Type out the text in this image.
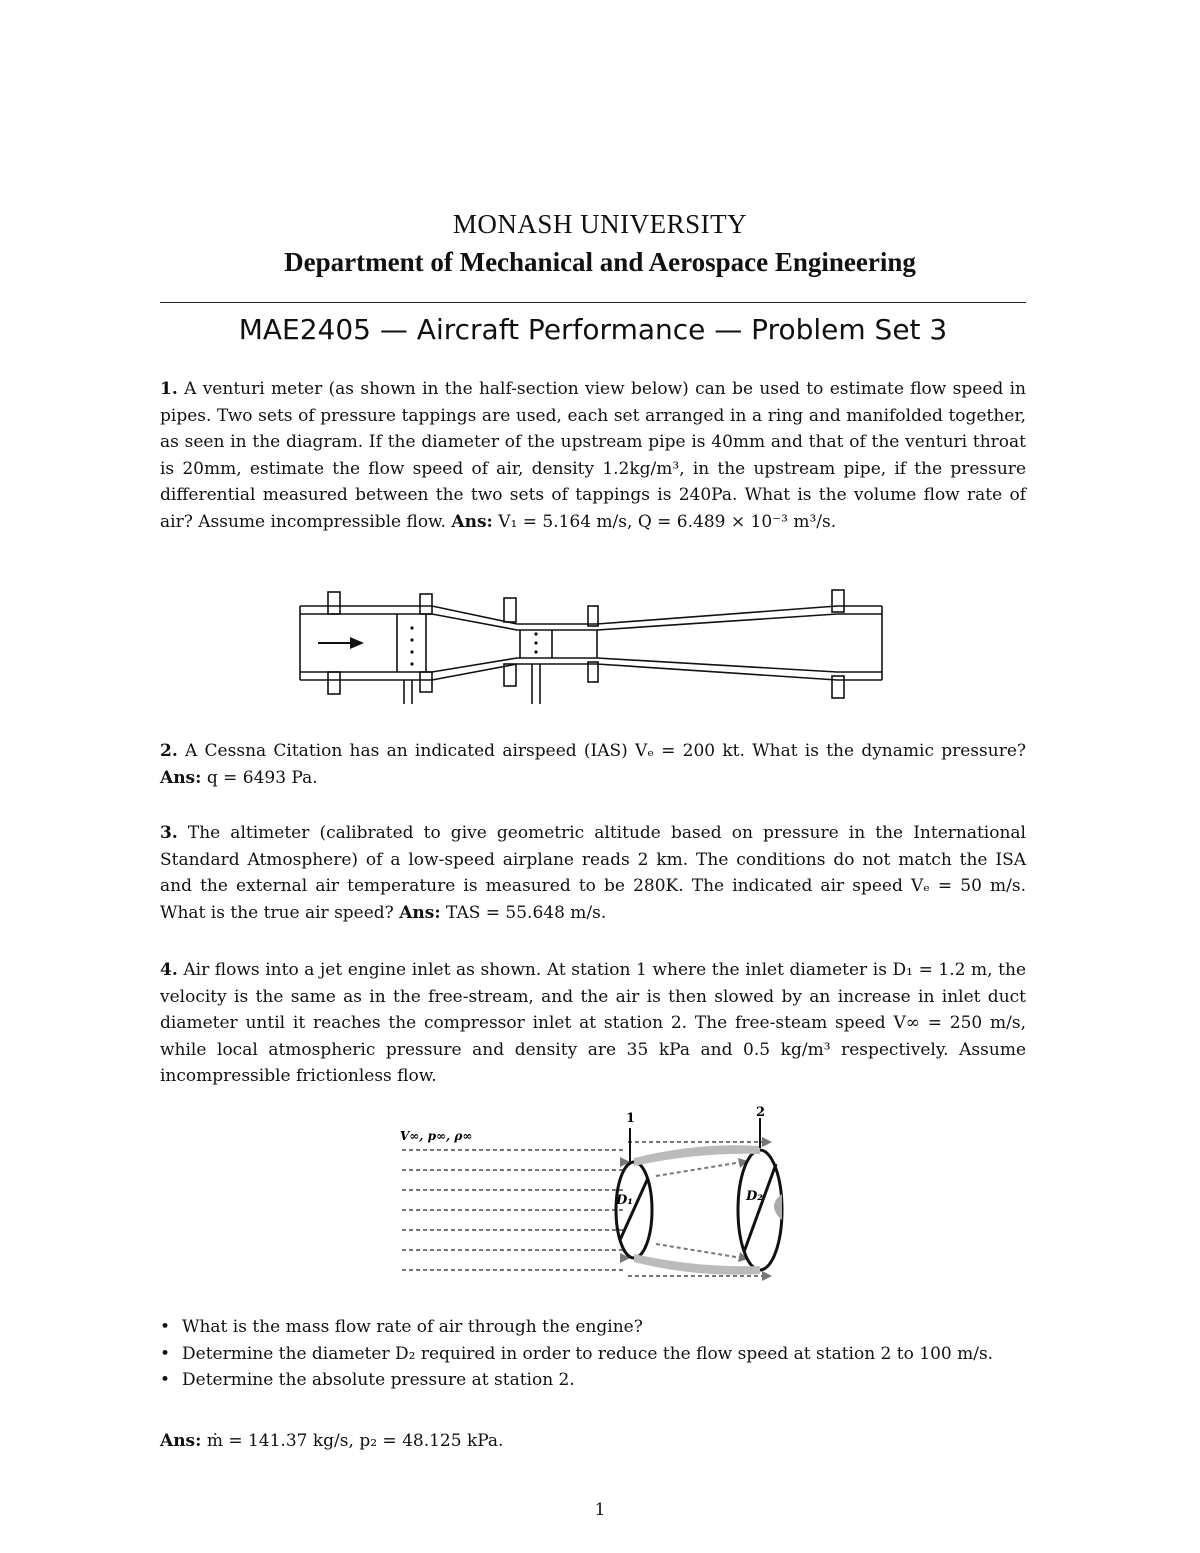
MONASH UNIVERSITY
Department of Mechanical and Aerospace Engineering
MAE2405 — Aircraft Performance — Problem Set 3
1. A venturi meter (as shown in the half-section view below) can be used to estimate flow speed in pipes. Two sets of pressure tappings are used, each set arranged in a ring and manifolded together, as seen in the diagram. If the diameter of the upstream pipe is 40mm and that of the venturi throat is 20mm, estimate the flow speed of air, density 1.2kg/m³, in the upstream pipe, if the pressure differential measured between the two sets of tappings is 240Pa. What is the volume flow rate of air? Assume incompressible flow. Ans: V₁ = 5.164 m/s, Q = 6.489 × 10⁻³ m³/s.
2. A Cessna Citation has an indicated airspeed (IAS) Vₑ = 200 kt. What is the dynamic pressure? Ans: q = 6493 Pa.
3. The altimeter (calibrated to give geometric altitude based on pressure in the International Standard Atmosphere) of a low-speed airplane reads 2 km. The conditions do not match the ISA and the external air temperature is measured to be 280K. The indicated air speed Vₑ = 50 m/s. What is the true air speed? Ans: TAS = 55.648 m/s.
4. Air flows into a jet engine inlet as shown. At station 1 where the inlet diameter is D₁ = 1.2 m, the velocity is the same as in the free-stream, and the air is then slowed by an increase in inlet duct diameter until it reaches the compressor inlet at station 2. The free-steam speed V∞ = 250 m/s, while local atmospheric pressure and density are 35 kPa and 0.5 kg/m³ respectively. Assume incompressible frictionless flow.
1	2
V∞, p∞, ρ∞
D₁	D₂
• What is the mass flow rate of air through the engine?
• Determine the diameter D₂ required in order to reduce the flow speed at station 2 to 100 m/s.
• Determine the absolute pressure at station 2.
Ans: ṁ = 141.37 kg/s, p₂ = 48.125 kPa.
1
